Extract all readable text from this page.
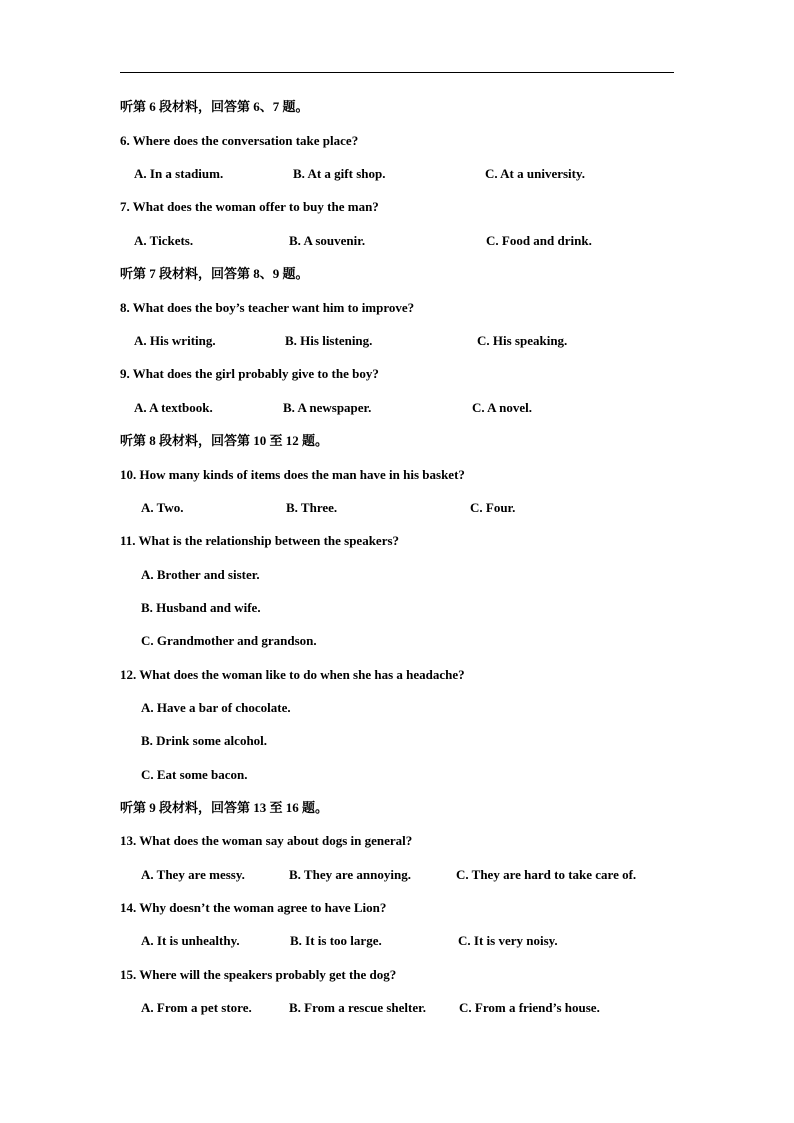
听第 6 段材料，回答第 6、7 题。
6. Where does the conversation take place?
A. In a stadium.	B. At a gift shop.	C. At a university.
7. What does the woman offer to buy the man?
A. Tickets.	B. A souvenir.	C. Food and drink.
听第 7 段材料，回答第 8、9 题。
8. What does the boy’s teacher want him to improve?
A. His writing.	B. His listening.	C. His speaking.
9. What does the girl probably give to the boy?
A. A textbook.	B. A newspaper.	C. A novel.
听第 8 段材料，回答第 10 至 12 题。
10. How many kinds of items does the man have in his basket?
A. Two.	B. Three.	C. Four.
11. What is the relationship between the speakers?
A. Brother and sister.
B. Husband and wife.
C. Grandmother and grandson.
12. What does the woman like to do when she has a headache?
A. Have a bar of chocolate.
B. Drink some alcohol.
C. Eat some bacon.
听第 9 段材料，回答第 13 至 16 题。
13. What does the woman say about dogs in general?
A. They are messy.	B. They are annoying.	C. They are hard to take care of.
14. Why doesn’t the woman agree to have Lion?
A. It is unhealthy.	B. It is too large.	C. It is very noisy.
15. Where will the speakers probably get the dog?
A. From a pet store.	B. From a rescue shelter.	C. From a friend’s house.
